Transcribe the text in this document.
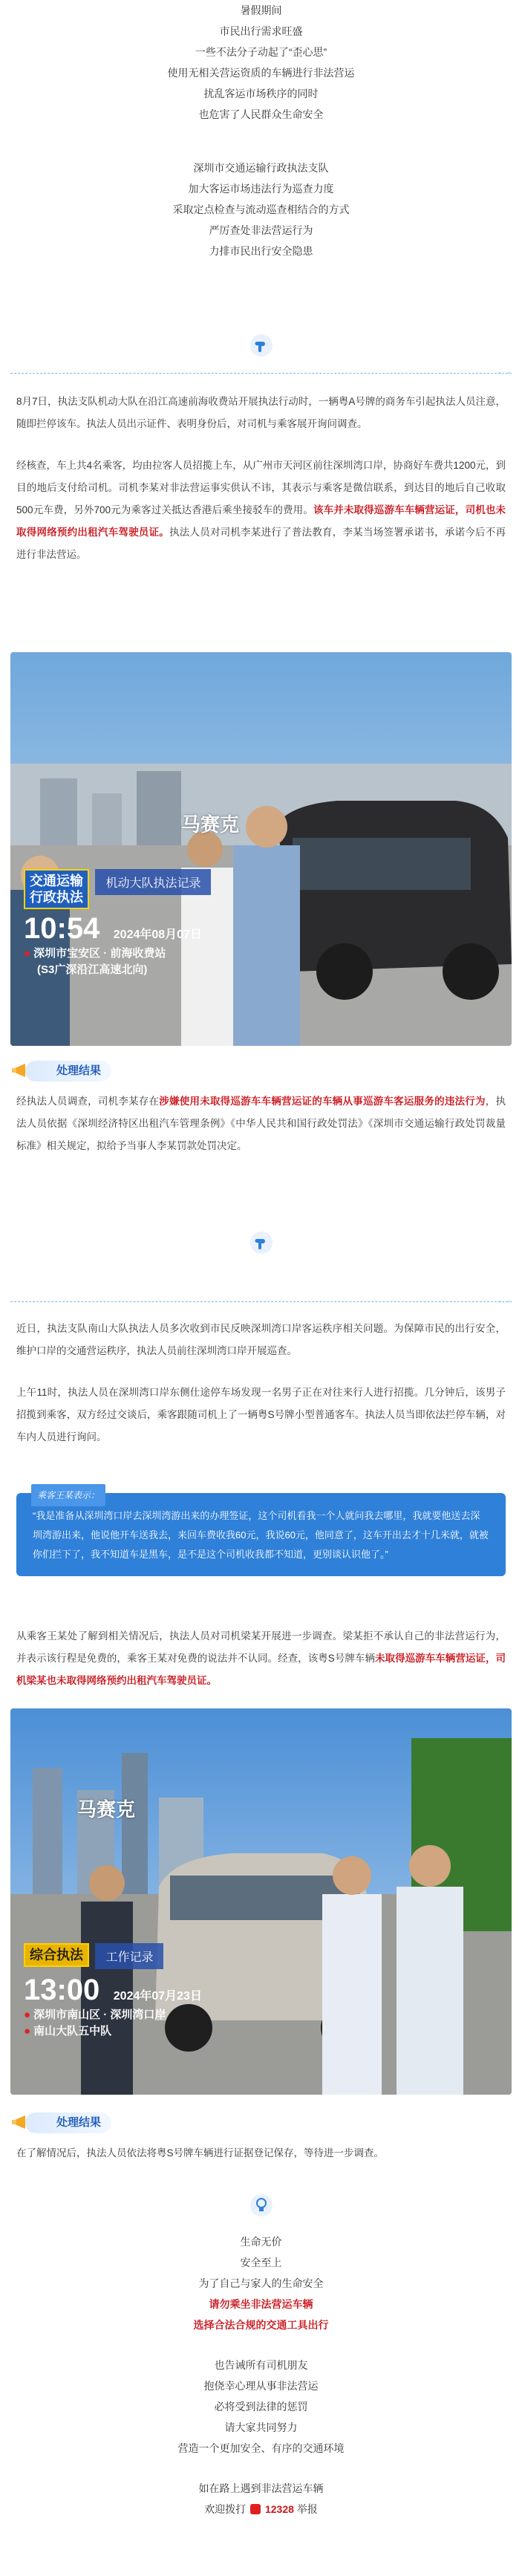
暑假期间

市民出行需求旺盛

一些不法分子动起了“歪心思”

使用无相关营运资质的车辆进行非法营运

扰乱客运市场秩序的同时

也危害了人民群众生命安全

深圳市交通运输行政执法支队

加大客运市场违法行为巡查力度

采取定点检查与流动巡查相结合的方式

严厉查处非法营运行为

力排市民出行安全隐患

· ·

8月7日，执法支队机动大队在沿江高速前海收费站开展执法行动时，一辆粤A号牌的商务车引起执法人员注意，随即拦停该车。执法人员出示证件、表明身份后，对司机与乘客展开询问调查。

经核查，车上共4名乘客，均由拉客人员招揽上车，从广州市天河区前往深圳湾口岸，协商好车费共1200元，到目的地后支付给司机。司机李某对非法营运事实供认不讳，其表示与乘客是微信联系，到达目的地后自己收取500元车费，另外700元为乘客过关抵达香港后乘坐接驳车的费用。该车并未取得巡游车车辆营运证，司机也未取得网络预约出租汽车驾驶员证。执法人员对司机李某进行了普法教育，李某当场签署承诺书，承诺今后不再进行非法营运。

马赛克
交通运输
行政执法 机动大队执法记录
10:54 2024年08月07日
● 深圳市宝安区 · 前海收费站
(S3广深沿江高速北向)
处理结果

经执法人员调查，司机李某存在涉嫌使用未取得巡游车车辆营运证的车辆从事巡游车客运服务的违法行为，执法人员依据《深圳经济特区出租汽车管理条例》《中华人民共和国行政处罚法》《深圳市交通运输行政处罚裁量标准》相关规定，拟给予当事人李某罚款处罚决定。

· ·

近日，执法支队南山大队执法人员多次收到市民反映深圳湾口岸客运秩序相关问题。为保障市民的出行安全，维护口岸的交通营运秩序，执法人员前往深圳湾口岸开展巡查。

上午11时，执法人员在深圳湾口岸东侧仕途停车场发现一名男子正在对往来行人进行招揽。几分钟后，该男子招揽到乘客，双方经过交谈后，乘客跟随司机上了一辆粤S号牌小型普通客车。执法人员当即依法拦停车辆，对车内人员进行询问。

乘客王某表示：
“我是准备从深圳湾口岸去深圳湾游出来的办理签证，这个司机看我一个人就问我去哪里，我就要他送去深圳湾游出来，他说他开车送我去，来回车费收我60元，我说60元，他同意了，这车开出去才十几米就，就被你们拦下了，我不知道车是黑车，是不是这个司机收我都不知道，更别谈认识他了。”

从乘客王某处了解到相关情况后，执法人员对司机梁某开展进一步调查。梁某拒不承认自己的非法营运行为，并表示该行程是免费的，乘客王某对免费的说法并不认同。经查，该粤S号牌车辆未取得巡游车车辆营运证，司机梁某也未取得网络预约出租汽车驾驶员证。

马赛克
综合执法 工作记录
13:00 2024年07月23日
● 深圳市南山区 · 深圳湾口岸
● 南山大队五中队
处理结果

在了解情况后，执法人员依法将粤S号牌车辆进行证据登记保存，等待进一步调查。

生命无价

安全至上

为了自己与家人的生命安全

请勿乘坐非法营运车辆

选择合法合规的交通工具出行

也告诫所有司机朋友

抱侥幸心理从事非法营运

必将受到法律的惩罚

请大家共同努力

营造一个更加安全、有序的交通环境

如在路上遇到非法营运车辆

欢迎拨打 12328 举报
